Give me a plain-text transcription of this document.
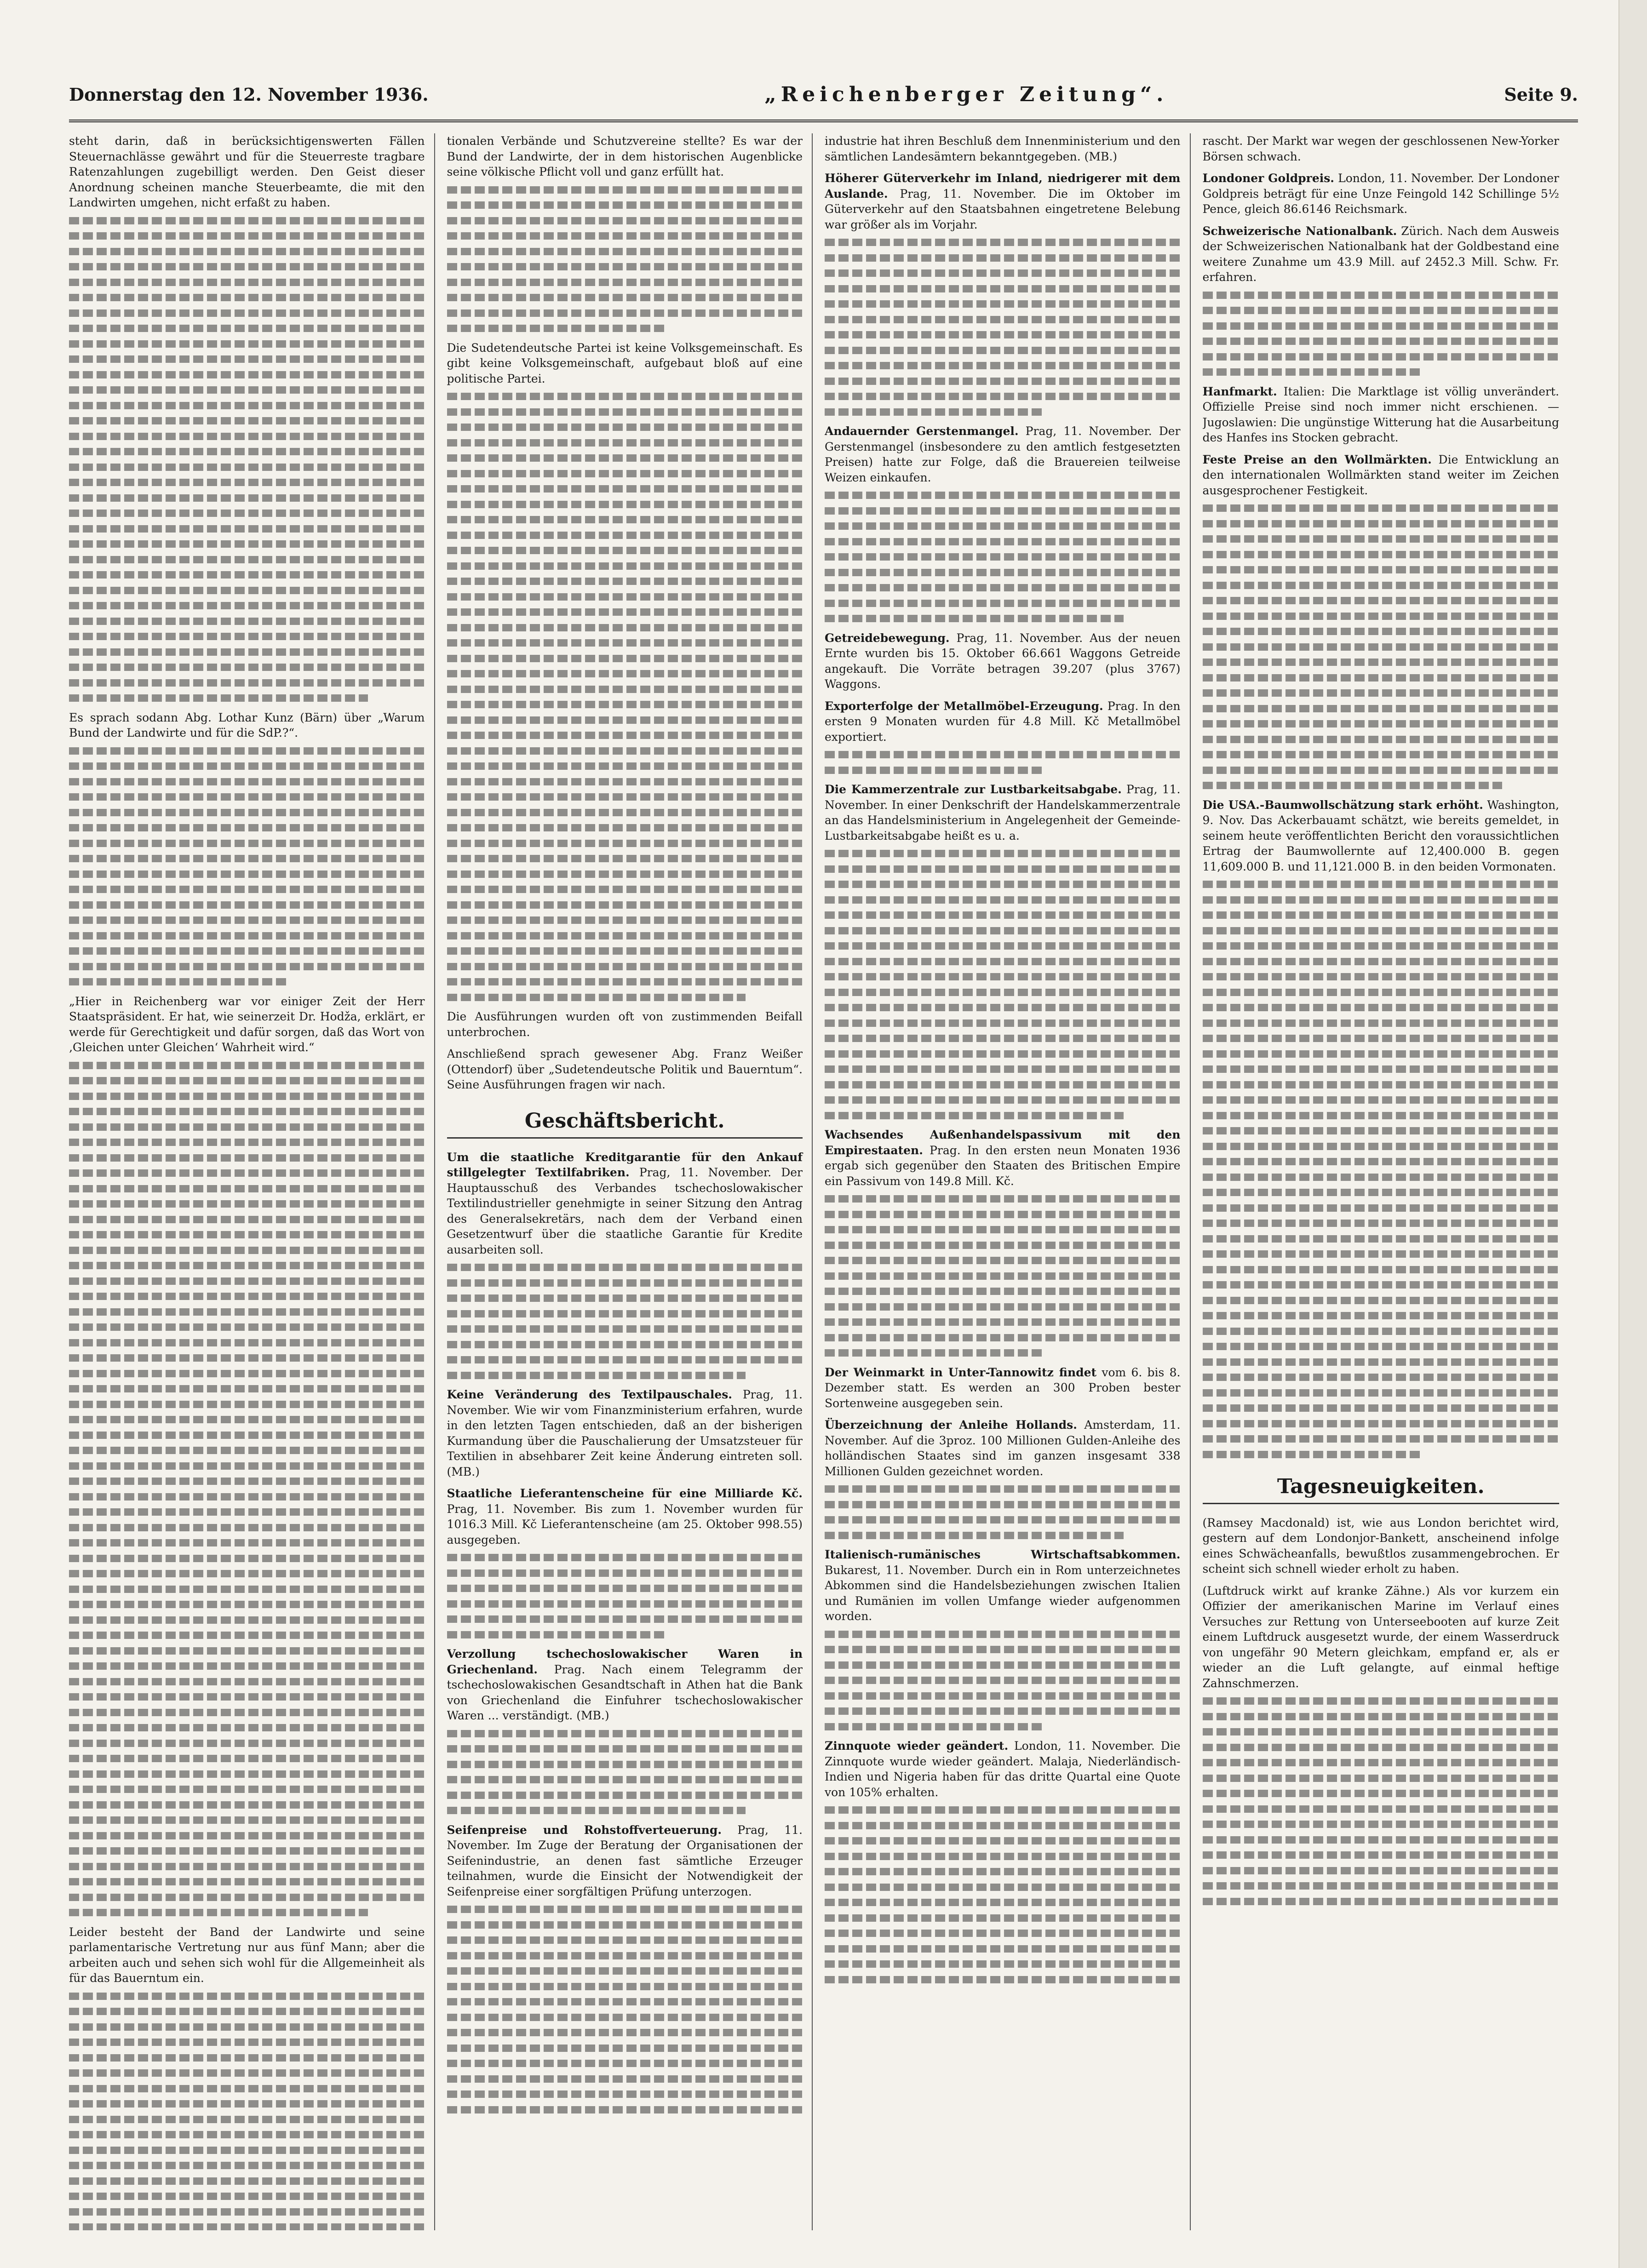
Donnerstag den 12. November 1936.	„Reichenberger Zeitung“.	Seite 9.

steht darin, daß in berücksichtigenswerten Fällen Steuernachlässe gewährt und für die Steuerreste tragbare Ratenzahlungen zugebilligt werden. Den Geist dieser Anordnung scheinen manche Steuerbeamte, die mit den Landwirten umgehen, nicht erfaßt zu haben.

Es sprach sodann Abg. Lothar Kunz (Bärn) über „Warum Bund der Landwirte und für die SdP.?“.

„Hier in Reichenberg war vor einiger Zeit der Herr Staatspräsident. Er hat, wie seinerzeit Dr. Hodža, erklärt, er werde für Gerechtigkeit und dafür sorgen, daß das Wort von ‚Gleichen unter Gleichen‘ Wahrheit wird.“

Leider besteht der Band der Landwirte und seine parlamentarische Vertretung nur aus fünf Mann; aber die arbeiten auch und sehen sich wohl für die Allgemeinheit als für das Bauerntum ein.

tionalen Verbände und Schutzvereine stellte? Es war der Bund der Landwirte, der in dem historischen Augenblicke seine völkische Pflicht voll und ganz erfüllt hat.

Die Sudetendeutsche Partei ist keine Volksgemeinschaft. Es gibt keine Volksgemeinschaft, aufgebaut bloß auf eine politische Partei.

Die Ausführungen wurden oft von zustimmenden Beifall unterbrochen.

Anschließend sprach gewesener Abg. Franz Weißer (Ottendorf) über „Sudetendeutsche Politik und Bauerntum“. Seine Ausführungen fragen wir nach.

Geschäftsbericht.

Um die staatliche Kreditgarantie für den Ankauf stillgelegter Textilfabriken. Prag, 11. November. Der Hauptausschuß des Verbandes tschechoslowakischer Textilindustrieller genehmigte in seiner Sitzung den Antrag des Generalsekretärs, nach dem der Verband einen Gesetzentwurf über die staatliche Garantie für Kredite ausarbeiten soll.

Keine Veränderung des Textilpauschales. Prag, 11. November. Wie wir vom Finanzministerium erfahren, wurde in den letzten Tagen entschieden, daß an der bisherigen Kurmandung über die Pauschalierung der Umsatzsteuer für Textilien in absehbarer Zeit keine Änderung eintreten soll. (MB.)

Staatliche Lieferantenscheine für eine Milliarde Kč. Prag, 11. November. Bis zum 1. November wurden für 1016.3 Mill. Kč Lieferantenscheine (am 25. Oktober 998.55) ausgegeben.

Verzollung tschechoslowakischer Waren in Griechenland. Prag. Nach einem Telegramm der tschechoslowakischen Gesandtschaft in Athen hat die Bank von Griechenland die Einfuhrer tschechoslowakischer Waren ... verständigt. (MB.)

Seifenpreise und Rohstoffverteuerung. Prag, 11. November. Im Zuge der Beratung der Organisationen der Seifenindustrie, an denen fast sämtliche Erzeuger teilnahmen, wurde die Einsicht der Notwendigkeit der Seifenpreise einer sorgfältigen Prüfung unterzogen.

industrie hat ihren Beschluß dem Innenministerium und den sämtlichen Landesämtern bekanntgegeben. (MB.)

Höherer Güterverkehr im Inland, niedrigerer mit dem Auslande. Prag, 11. November. Die im Oktober im Güterverkehr auf den Staatsbahnen eingetretene Belebung war größer als im Vorjahr.

Andauernder Gerstenmangel. Prag, 11. November. Der Gerstenmangel (insbesondere zu den amtlich festgesetzten Preisen) hatte zur Folge, daß die Brauereien teilweise Weizen einkaufen.

Getreidebewegung. Prag, 11. November. Aus der neuen Ernte wurden bis 15. Oktober 66.661 Waggons Getreide angekauft. Die Vorräte betragen 39.207 (plus 3767) Waggons.

Exporterfolge der Metallmöbel-Erzeugung. Prag. In den ersten 9 Monaten wurden für 4.8 Mill. Kč Metallmöbel exportiert.

Die Kammerzentrale zur Lustbarkeitsabgabe. Prag, 11. November. In einer Denkschrift der Handelskammerzentrale an das Handelsministerium in Angelegenheit der Gemeinde-Lustbarkeitsabgabe heißt es u. a.

Wachsendes Außenhandelspassivum mit den Empirestaaten. Prag. In den ersten neun Monaten 1936 ergab sich gegenüber den Staaten des Britischen Empire ein Passivum von 149.8 Mill. Kč.

Der Weinmarkt in Unter-Tannowitz findet vom 6. bis 8. Dezember statt. Es werden an 300 Proben bester Sortenweine ausgegeben sein.

Überzeichnung der Anleihe Hollands. Amsterdam, 11. November. Auf die 3proz. 100 Millionen Gulden-Anleihe des holländischen Staates sind im ganzen insgesamt 338 Millionen Gulden gezeichnet worden.

Italienisch-rumänisches Wirtschaftsabkommen. Bukarest, 11. November. Durch ein in Rom unterzeichnetes Abkommen sind die Handelsbeziehungen zwischen Italien und Rumänien im vollen Umfange wieder aufgenommen worden.

Zinnquote wieder geändert. London, 11. November. Die Zinnquote wurde wieder geändert. Malaja, Niederländisch-Indien und Nigeria haben für das dritte Quartal eine Quote von 105% erhalten.

rascht. Der Markt war wegen der geschlossenen New-Yorker Börsen schwach.

Londoner Goldpreis. London, 11. November. Der Londoner Goldpreis beträgt für eine Unze Feingold 142 Schillinge 5½ Pence, gleich 86.6146 Reichsmark.

Schweizerische Nationalbank. Zürich. Nach dem Ausweis der Schweizerischen Nationalbank hat der Goldbestand eine weitere Zunahme um 43.9 Mill. auf 2452.3 Mill. Schw. Fr. erfahren.

Hanfmarkt. Italien: Die Marktlage ist völlig unverändert. Offizielle Preise sind noch immer nicht erschienen. — Jugoslawien: Die ungünstige Witterung hat die Ausarbeitung des Hanfes ins Stocken gebracht.

Feste Preise an den Wollmärkten. Die Entwicklung an den internationalen Wollmärkten stand weiter im Zeichen ausgesprochener Festigkeit.

Die USA.-Baumwollschätzung stark erhöht. Washington, 9. Nov. Das Ackerbauamt schätzt, wie bereits gemeldet, in seinem heute veröffentlichten Bericht den voraussichtlichen Ertrag der Baumwollernte auf 12,400.000 B. gegen 11,609.000 B. und 11,121.000 B. in den beiden Vormonaten.

Tagesneuigkeiten.

(Ramsey Macdonald) ist, wie aus London berichtet wird, gestern auf dem Londonjor-Bankett, anscheinend infolge eines Schwächeanfalls, bewußtlos zusammengebrochen. Er scheint sich schnell wieder erholt zu haben.

(Luftdruck wirkt auf kranke Zähne.) Als vor kurzem ein Offizier der amerikanischen Marine im Verlauf eines Versuches zur Rettung von Unterseebooten auf kurze Zeit einem Luftdruck ausgesetzt wurde, der einem Wasserdruck von ungefähr 90 Metern gleichkam, empfand er, als er wieder an die Luft gelangte, auf einmal heftige Zahnschmerzen.
